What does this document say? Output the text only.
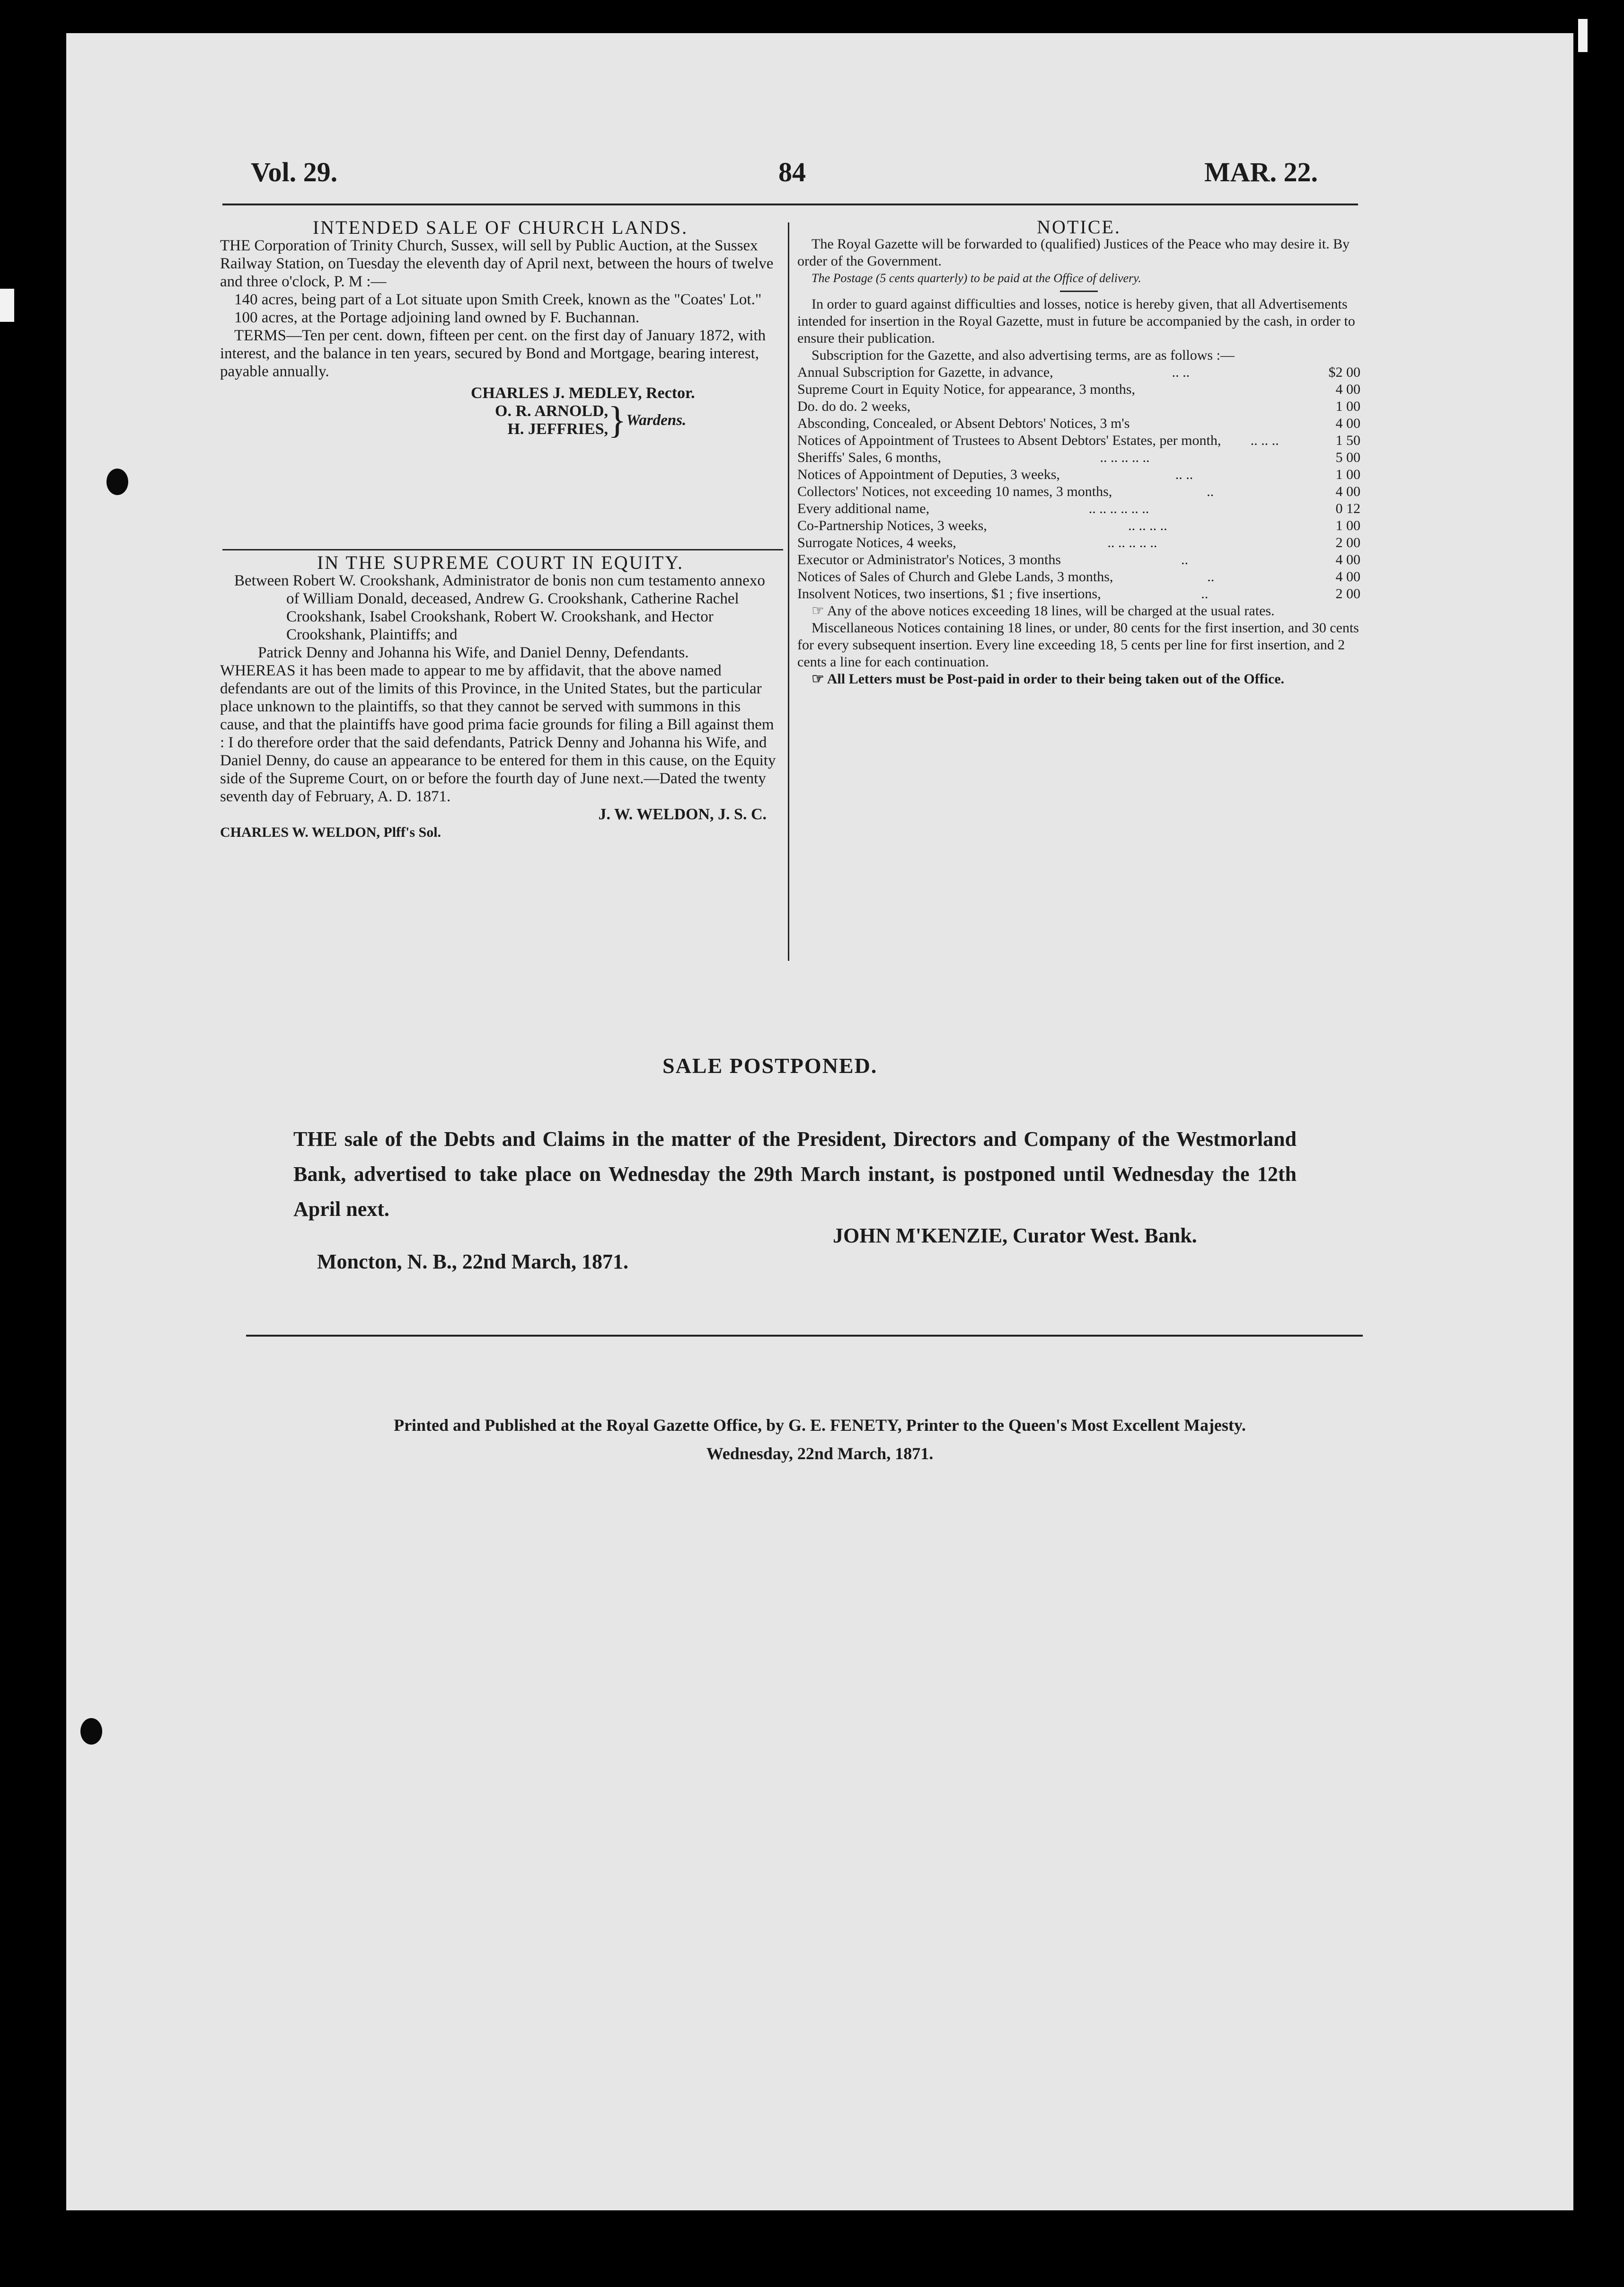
Vol. 29.	84	MAR. 22.

INTENDED SALE OF CHURCH LANDS.

THE Corporation of Trinity Church, Sussex, will sell by Public Auction, at the Sussex Railway Station, on Tuesday the eleventh day of April next, between the hours of twelve and three o'clock, P. M :—

140 acres, being part of a Lot situate upon Smith Creek, known as the "Coates' Lot."

100 acres, at the Portage adjoining land owned by F. Buchannan.

TERMS—Ten per cent. down, fifteen per cent. on the first day of January 1872, with interest, and the balance in ten years, secured by Bond and Mortgage, bearing interest, payable annually.

CHARLES J. MEDLEY, Rector.
O. R. ARNOLD,
H. JEFFRIES, } Wardens.

IN THE SUPREME COURT IN EQUITY.

Between Robert W. Crookshank, Administrator de bonis non cum testamento annexo of William Donald, deceased, Andrew G. Crookshank, Catherine Rachel Crookshank, Isabel Crookshank, Robert W. Crookshank, and Hector Crookshank, Plaintiffs; and

Patrick Denny and Johanna his Wife, and Daniel Denny, Defendants.

WHEREAS it has been made to appear to me by affidavit, that the above named defendants are out of the limits of this Province, in the United States, but the particular place unknown to the plaintiffs, so that they cannot be served with summons in this cause, and that the plaintiffs have good prima facie grounds for filing a Bill against them : I do therefore order that the said defendants, Patrick Denny and Johanna his Wife, and Daniel Denny, do cause an appearance to be entered for them in this cause, on the Equity side of the Supreme Court, on or before the fourth day of June next.—Dated the twenty seventh day of February, A. D. 1871.

J. W. WELDON, J. S. C.
CHARLES W. WELDON, Plff's Sol.

NOTICE.

The Royal Gazette will be forwarded to (qualified) Justices of the Peace who may desire it. By order of the Government.

The Postage (5 cents quarterly) to be paid at the Office of delivery.

In order to guard against difficulties and losses, notice is hereby given, that all Advertisements intended for insertion in the Royal Gazette, must in future be accompanied by the cash, in order to ensure their publication.

Subscription for the Gazette, and also advertising terms, are as follows :—

Annual Subscription for Gazette, in advance,	.. ..	$2 00
Supreme Court in Equity Notice, for appearance, 3 months,	4 00
Do. do do. 2 weeks,	1 00
Absconding, Concealed, or Absent Debtors' Notices, 3 m's	4 00
Notices of Appointment of Trustees to Absent Debtors' Estates, per month,	.. .. ..	1 50
Sheriffs' Sales, 6 months,	.. .. .. .. ..	5 00
Notices of Appointment of Deputies, 3 weeks,	.. ..	1 00
Collectors' Notices, not exceeding 10 names, 3 months,	..	4 00
Every additional name,	.. .. .. .. .. ..	0 12
Co-Partnership Notices, 3 weeks,	.. .. .. ..	1 00
Surrogate Notices, 4 weeks,	.. .. .. .. ..	2 00
Executor or Administrator's Notices, 3 months	..	4 00
Notices of Sales of Church and Glebe Lands, 3 months,	..	4 00
Insolvent Notices, two insertions, $1 ; five insertions,	..	2 00

☞ Any of the above notices exceeding 18 lines, will be charged at the usual rates.

Miscellaneous Notices containing 18 lines, or under, 80 cents for the first insertion, and 30 cents for every subsequent insertion. Every line exceeding 18, 5 cents per line for first insertion, and 2 cents a line for each continuation.

☞ All Letters must be Post-paid in order to their being taken out of the Office.

SALE POSTPONED.
THE sale of the Debts and Claims in the matter of the President, Directors and Company of the Westmorland Bank, advertised to take place on Wednesday the 29th March instant, is postponed until Wednesday the 12th April next.
JOHN M'KENZIE, Curator West. Bank.
Moncton, N. B., 22nd March, 1871.
Printed and Published at the Royal Gazette Office, by G. E. FENETY, Printer to the Queen's Most Excellent Majesty.
Wednesday, 22nd March, 1871.
